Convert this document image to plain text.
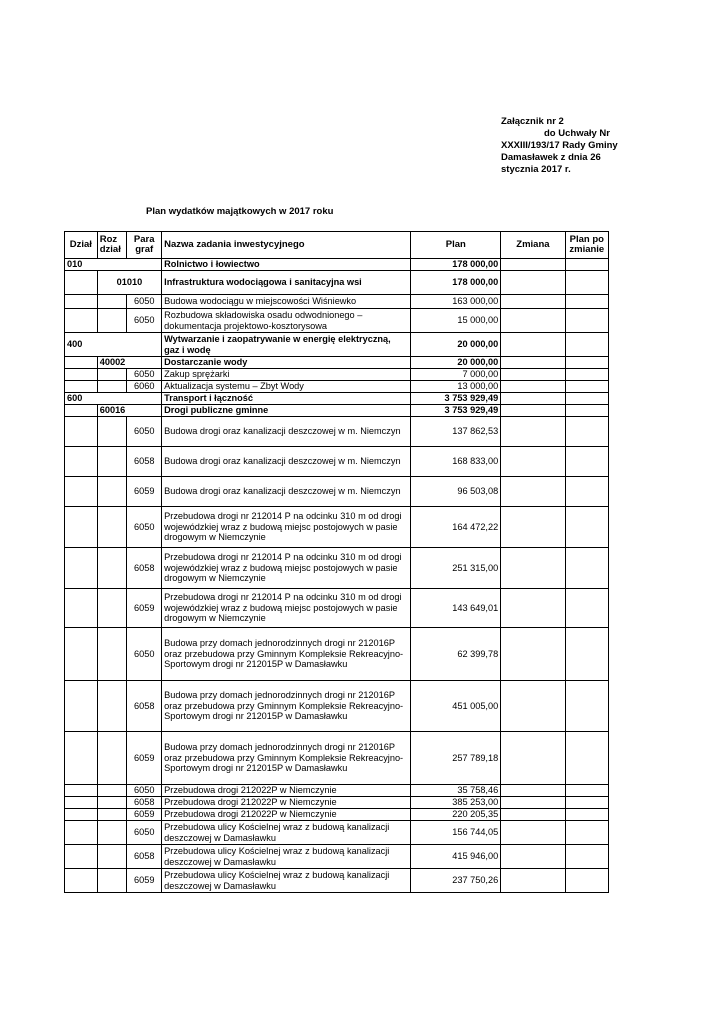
Załącznik nr 2
do Uchwały Nr
XXXIII/193/17 Rady Gminy
Damasławek z dnia 26
stycznia 2017 r.
Plan wydatków majątkowych w 2017 roku
Dział	Roz dział	Para graf	Nazwa zadania inwestycyjnego	Plan	Zmiana	Plan po zmianie
010			Rolnictwo i łowiectwo	178 000,00		
	01010		Infrastruktura wodociągowa i sanitacyjna wsi	178 000,00		
		6050	Budowa wodociągu w miejscowości Wiśniewko	163 000,00		
		6050	Rozbudowa składowiska osadu odwodnionego – dokumentacja projektowo-kosztorysowa	15 000,00		
400			Wytwarzanie i zaopatrywanie w energię elektryczną, gaz i wodę	20 000,00		
	40002		Dostarczanie wody	20 000,00		
		6050	Zakup sprężarki	7 000,00		
		6060	Aktualizacja systemu – Zbyt Wody	13 000,00		
600			Transport i łączność	3 753 929,49		
	60016		Drogi publiczne gminne	3 753 929,49		
		6050	Budowa drogi oraz kanalizacji deszczowej w m. Niemczyn	137 862,53		
		6058	Budowa drogi oraz kanalizacji deszczowej w m. Niemczyn	168 833,00		
		6059	Budowa drogi oraz kanalizacji deszczowej w m. Niemczyn	96 503,08		
		6050	Przebudowa drogi nr 212014 P na odcinku 310 m od drogi wojewódzkiej wraz z budową miejsc postojowych w pasie drogowym w Niemczynie	164 472,22		
		6058	Przebudowa drogi nr 212014 P na odcinku 310 m od drogi wojewódzkiej wraz z budową miejsc postojowych w pasie drogowym w Niemczynie	251 315,00		
		6059	Przebudowa drogi nr 212014 P na odcinku 310 m od drogi wojewódzkiej wraz z budową miejsc postojowych w pasie drogowym w Niemczynie	143 649,01		
		6050	Budowa przy domach jednorodzinnych drogi nr 212016P oraz przebudowa przy Gminnym Kompleksie Rekreacyjno- Sportowym drogi nr 212015P w Damasławku	62 399,78		
		6058	Budowa przy domach jednorodzinnych drogi nr 212016P oraz przebudowa przy Gminnym Kompleksie Rekreacyjno- Sportowym drogi nr 212015P w Damasławku	451 005,00		
		6059	Budowa przy domach jednorodzinnych drogi nr 212016P oraz przebudowa przy Gminnym Kompleksie Rekreacyjno- Sportowym drogi nr 212015P w Damasławku	257 789,18		
		6050	Przebudowa drogi 212022P w Niemczynie	35 758,46		
		6058	Przebudowa drogi 212022P w Niemczynie	385 253,00		
		6059	Przebudowa drogi 212022P w Niemczynie	220 205,35		
		6050	Przebudowa ulicy Kościelnej wraz z budową kanalizacji deszczowej w Damasławku	156 744,05		
		6058	Przebudowa ulicy Kościelnej wraz z budową kanalizacji deszczowej w Damasławku	415 946,00		
		6059	Przebudowa ulicy Kościelnej wraz z budową kanalizacji deszczowej w Damasławku	237 750,26		
